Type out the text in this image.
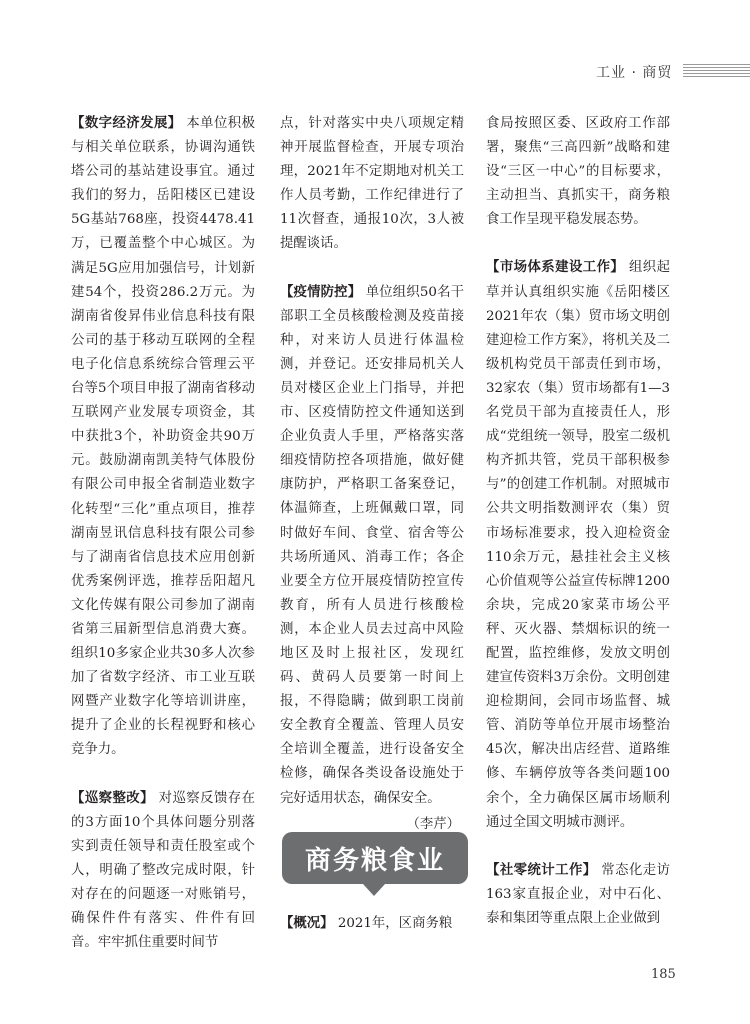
工业 · 商贸

【数字经济发展】 本单位积极与相关单位联系，协调沟通铁塔公司的基站建设事宜。通过我们的努力，岳阳楼区已建设5G基站768座，投资4478.41万，已覆盖整个中心城区。为满足5G应用加强信号，计划新建54个，投资286.2万元。为湖南省俊昇伟业信息科技有限公司的基于移动互联网的全程电子化信息系统综合管理云平台等5个项目申报了湖南省移动互联网产业发展专项资金，其中获批3个，补助资金共90万元。鼓励湖南凯美特气体股份有限公司申报全省制造业数字化转型“三化”重点项目，推荐湖南昱讯信息科技有限公司参与了湖南省信息技术应用创新优秀案例评选，推荐岳阳超凡文化传媒有限公司参加了湖南省第三届新型信息消费大赛。组织10多家企业共30多人次参加了省数字经济、市工业互联网暨产业数字化等培训讲座，提升了企业的长程视野和核心竞争力。

【巡察整改】 对巡察反馈存在的3方面10个具体问题分别落实到责任领导和责任股室或个人，明确了整改完成时限，针对存在的问题逐一对账销号，确保件件有落实、件件有回音。牢牢抓住重要时间节

点，针对落实中央八项规定精神开展监督检查，开展专项治理，2021年不定期地对机关工作人员考勤，工作纪律进行了11次督查，通报10次，3人被提醒谈话。

【疫情防控】 单位组织50名干部职工全员核酸检测及疫苗接种，对来访人员进行体温检测，并登记。还安排局机关人员对楼区企业上门指导，并把市、区疫情防控文件通知送到企业负责人手里，严格落实落细疫情防控各项措施，做好健康防护，严格职工备案登记，体温筛查，上班佩戴口罩，同时做好车间、食堂、宿舍等公共场所通风、消毒工作；各企业要全方位开展疫情防控宣传教育，所有人员进行核酸检测，本企业人员去过高中风险地区及时上报社区，发现红码、黄码人员要第一时间上报，不得隐瞒；做到职工岗前安全教育全覆盖、管理人员安全培训全覆盖，进行设备安全检修，确保各类设备设施处于完好适用状态，确保安全。

（李芹）

商务粮食业

【概况】 2021年，区商务粮

食局按照区委、区政府工作部署，聚焦“三高四新”战略和建设“三区一中心”的目标要求，主动担当、真抓实干，商务粮食工作呈现平稳发展态势。

【市场体系建设工作】 组织起草并认真组织实施《岳阳楼区2021年农（集）贸市场文明创建迎检工作方案》，将机关及二级机构党员干部责任到市场，32家农（集）贸市场都有1—3名党员干部为直接责任人，形成“党组统一领导，股室二级机构齐抓共管，党员干部积极参与”的创建工作机制。对照城市公共文明指数测评农（集）贸市场标准要求，投入迎检资金110余万元，悬挂社会主义核心价值观等公益宣传标牌1200余块，完成20家菜市场公平秤、灭火器、禁烟标识的统一配置，监控维修，发放文明创建宣传资料3万余份。文明创建迎检期间，会同市场监督、城管、消防等单位开展市场整治45次，解决出店经营、道路维修、车辆停放等各类问题100余个，全力确保区属市场顺利通过全国文明城市测评。

【社零统计工作】 常态化走访163家直报企业，对中石化、泰和集团等重点限上企业做到

185
